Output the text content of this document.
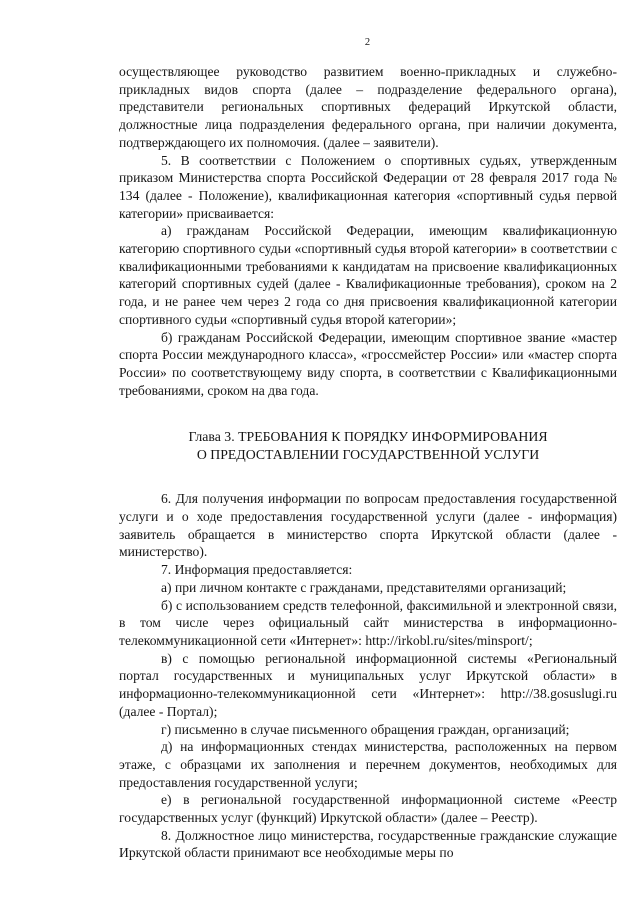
2

осуществляющее руководство развитием военно-прикладных и служебно-прикладных видов спорта (далее – подразделение федерального органа), представители региональных спортивных федераций Иркутской области, должностные лица подразделения федерального органа, при наличии документа, подтверждающего их полномочия. (далее – заявители).

5. В соответствии с Положением о спортивных судьях, утвержденным приказом Министерства спорта Российской Федерации от 28 февраля 2017 года № 134 (далее - Положение), квалификационная категория «спортивный судья первой категории» присваивается:

а) гражданам Российской Федерации, имеющим квалификационную категорию спортивного судьи «спортивный судья второй категории» в соответствии с квалификационными требованиями к кандидатам на присвоение квалификационных категорий спортивных судей (далее - Квалификационные требования), сроком на 2 года, и не ранее чем через 2 года со дня присвоения квалификационной категории спортивного судьи «спортивный судья второй категории»;

б) гражданам Российской Федерации, имеющим спортивное звание «мастер спорта России международного класса», «гроссмейстер России» или «мастер спорта России» по соответствующему виду спорта, в соответствии с Квалификационными требованиями, сроком на два года.

Глава 3. ТРЕБОВАНИЯ К ПОРЯДКУ ИНФОРМИРОВАНИЯ
О ПРЕДОСТАВЛЕНИИ ГОСУДАРСТВЕННОЙ УСЛУГИ

6. Для получения информации по вопросам предоставления государственной услуги и о ходе предоставления государственной услуги (далее - информация) заявитель обращается в министерство спорта Иркутской области (далее - министерство).

7. Информация предоставляется:

а) при личном контакте с гражданами, представителями организаций;

б) с использованием средств телефонной, факсимильной и электронной связи, в том числе через официальный сайт министерства в информационно-телекоммуникационной сети «Интернет»: http://irkobl.ru/sites/minsport/;

в) с помощью региональной информационной системы «Региональный портал государственных и муниципальных услуг Иркутской области» в информационно-телекоммуникационной сети «Интернет»: http://38.gosuslugi.ru (далее - Портал);

г) письменно в случае письменного обращения граждан, организаций;

д) на информационных стендах министерства, расположенных на первом этаже, с образцами их заполнения и перечнем документов, необходимых для предоставления государственной услуги;

е) в региональной государственной информационной системе «Реестр государственных услуг (функций) Иркутской области» (далее – Реестр).

8. Должностное лицо министерства, государственные гражданские служащие Иркутской области принимают все необходимые меры по
